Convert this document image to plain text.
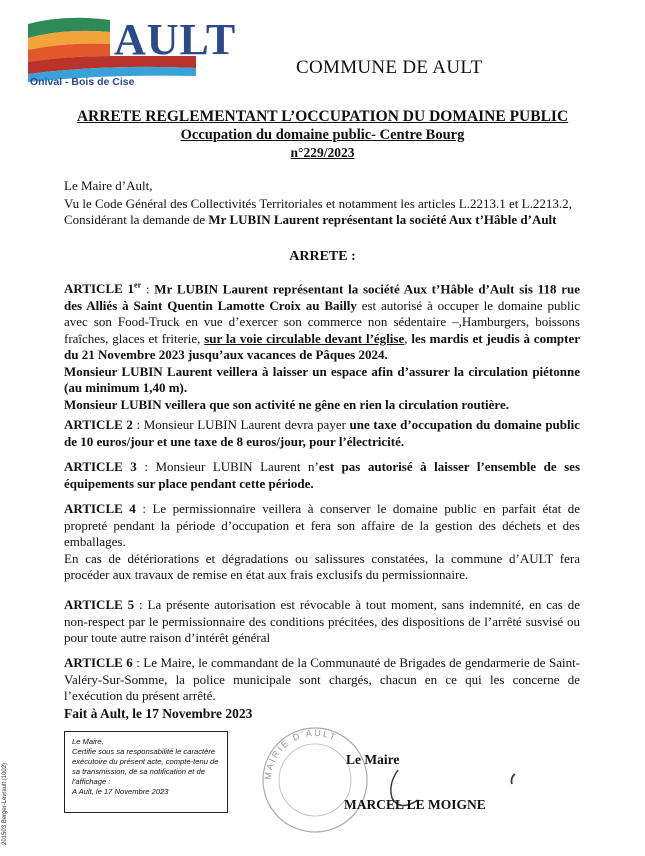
AULT
Onival - Bois de Cise
COMMUNE DE AULT
ARRETE REGLEMENTANT L’OCCUPATION DU DOMAINE PUBLIC
Occupation du domaine public- Centre Bourg
n°229/2023

Le Maire d’Ault,

Vu le Code Général des Collectivités Territoriales et notamment les articles L.2213.1 et L.2213.2,

Considérant la demande de Mr LUBIN Laurent représentant la société Aux t’Hâble d’Ault

ARRETE :

ARTICLE 1er : Mr LUBIN Laurent représentant la société Aux t’Hâble d’Ault sis 118 rue des Alliés à Saint Quentin Lamotte Croix au Bailly est autorisé à occuper le domaine public avec son Food-Truck en vue d’exercer son commerce non sédentaire –,Hamburgers, boissons fraîches, glaces et friterie, sur la voie circulable devant l’église, les mardis et jeudis à compter du 21 Novembre 2023 jusqu’aux vacances de Pâques 2024.

Monsieur LUBIN Laurent veillera à laisser un espace afin d’assurer la circulation piétonne (au minimum 1,40 m).

Monsieur LUBIN veillera que son activité ne gêne en rien la circulation routière.

ARTICLE 2 : Monsieur LUBIN Laurent devra payer une taxe d’occupation du domaine public de 10 euros/jour et une taxe de 8 euros/jour, pour l’électricité.

ARTICLE 3 : Monsieur LUBIN Laurent n’est pas autorisé à laisser l’ensemble de ses équipements sur place pendant cette période.

ARTICLE 4 : Le permissionnaire veillera à conserver le domaine public en parfait état de propreté pendant la période d’occupation et fera son affaire de la gestion des déchets et des emballages.

En cas de détériorations et dégradations ou salissures constatées, la commune d’AULT fera procéder aux travaux de remise en état aux frais exclusifs du permissionnaire.

ARTICLE 5 : La présente autorisation est révocable à tout moment, sans indemnité, en cas de non-respect par le permissionnaire des conditions précitées, des dispositions de l’arrêté susvisé ou pour toute autre raison d’intérêt général

ARTICLE 6 : Le Maire, le commandant de la Communauté de Brigades de gendarmerie de Saint-Valéry-Sur-Somme, la police municipale sont chargés, chacun en ce qui les concerne de l’exécution du présent arrêté.

Fait à Ault, le 17 Novembre 2023

Le Maire,

Certifie sous sa responsabilité le caractère exécutoire du présent acte, compte-tenu de sa transmission, de sa notification et de l’affichage :

A Ault, le 17 Novembre 2023

MAIRIE D’AULT
Le Maire
MARCEL LE MOIGNE
201503 Berger-Levrault (1002)
